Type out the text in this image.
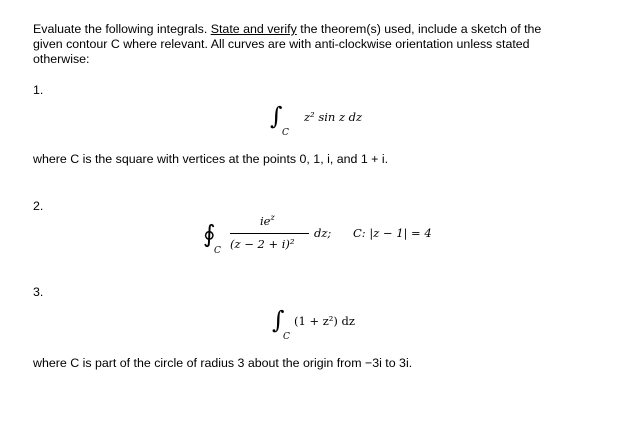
Evaluate the following integrals. State and verify the theorem(s) used, include a sketch of the
given contour C where relevant. All curves are with anti-clockwise orientation unless stated
otherwise:
1.
∫
C
z² sin z dz
where C is the square with vertices at the points 0, 1, i, and 1 + i.
2.
∮
C
$ie^z$
(z − 2 + i)²
dz; C: |z − 1| = 4
3.
∫
C
(1 + z²) dz
where C is part of the circle of radius 3 about the origin from −3i to 3i.
